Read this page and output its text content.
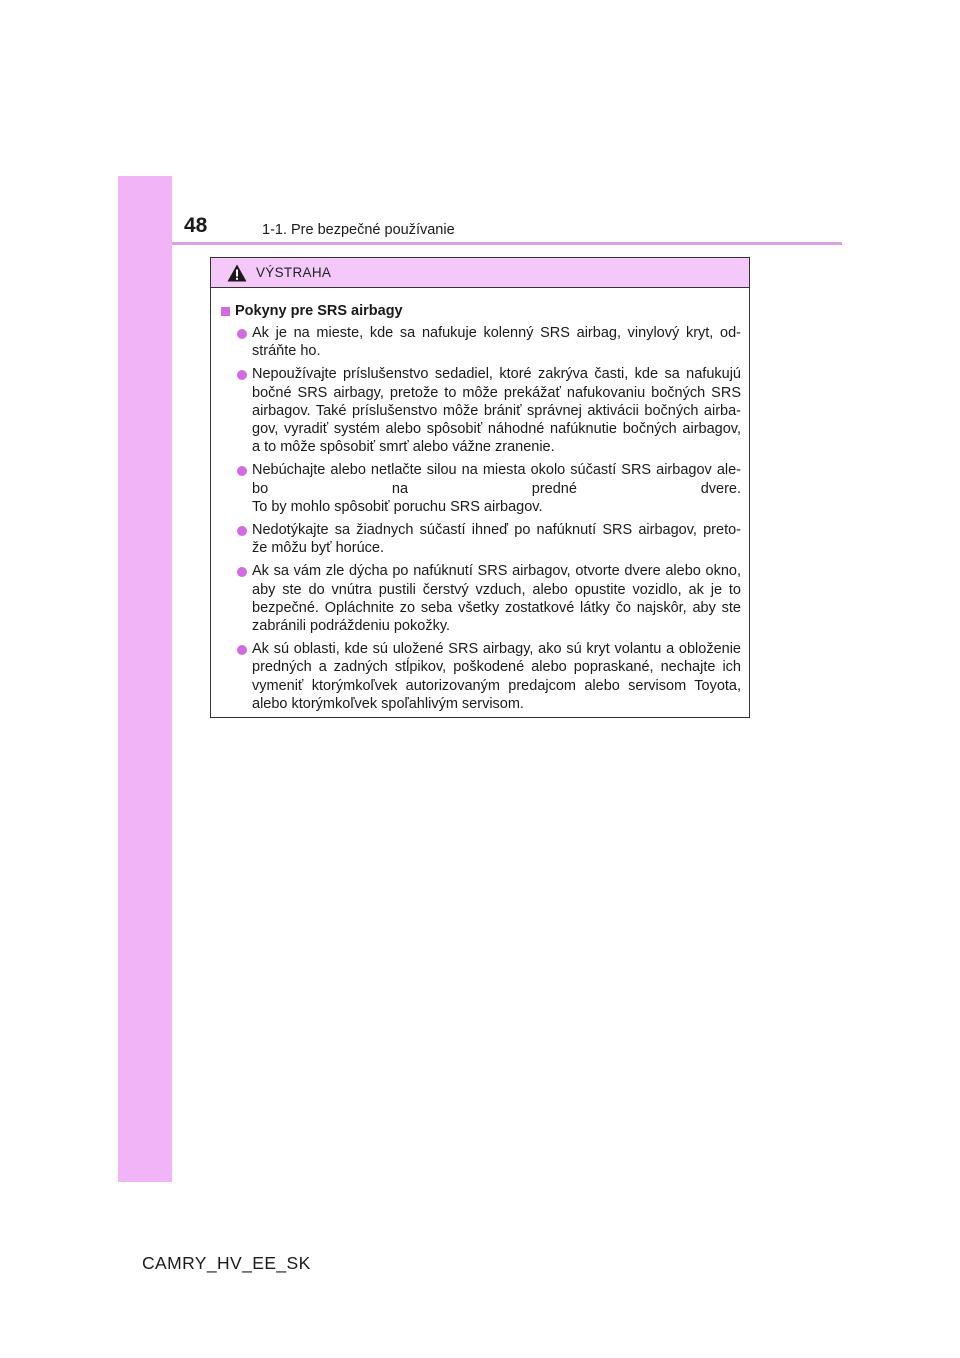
48	1-1. Pre bezpečné používanie
VÝSTRAHA
Pokyny pre SRS airbagy
Ak je na mieste, kde sa nafukuje kolenný SRS airbag, vinylový kryt, od-
stráňte ho.
Nepoužívajte príslušenstvo sedadiel, ktoré zakrýva časti, kde sa nafukujú
bočné SRS airbagy, pretože to môže prekážať nafukovaniu bočných SRS
airbagov. Také príslušenstvo môže brániť správnej aktivácii bočných airba-
gov, vyradiť systém alebo spôsobiť náhodné nafúknutie bočných airbagov,
a to môže spôsobiť smrť alebo vážne zranenie.
Nebúchajte alebo netlačte silou na miesta okolo súčastí SRS airbagov ale-
bo na predné dvere.
To by mohlo spôsobiť poruchu SRS airbagov.
Nedotýkajte sa žiadnych súčastí ihneď po nafúknutí SRS airbagov, preto-
že môžu byť horúce.
Ak sa vám zle dýcha po nafúknutí SRS airbagov, otvorte dvere alebo okno,
aby ste do vnútra pustili čerstvý vzduch, alebo opustite vozidlo, ak je to
bezpečné. Opláchnite zo seba všetky zostatkové látky čo najskôr, aby ste
zabránili podráždeniu pokožky.
Ak sú oblasti, kde sú uložené SRS airbagy, ako sú kryt volantu a obloženie
predných a zadných stĺpikov, poškodené alebo popraskané, nechajte ich
vymeniť ktorýmkoľvek autorizovaným predajcom alebo servisom Toyota,
alebo ktorýmkoľvek spoľahlivým servisom.
CAMRY_HV_EE_SK
